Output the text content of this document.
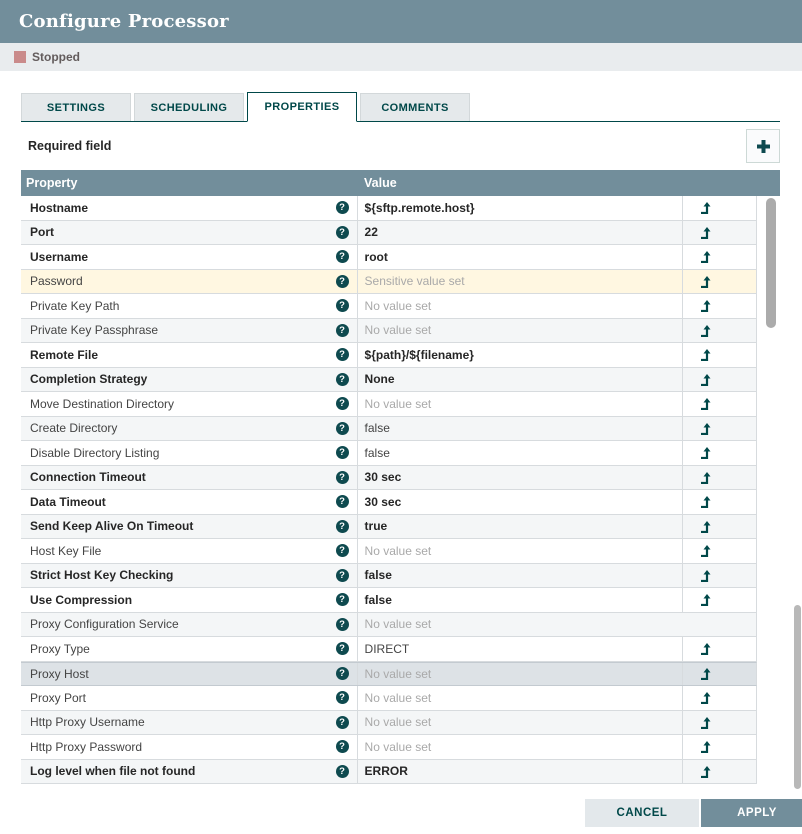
Configure Processor
Stopped
SETTINGS	SCHEDULING	PROPERTIES	COMMENTS
Required field
Property	Value
Hostname	? ${sftp.remote.host}
Port	? 22
Username	? root
Password	? Sensitive value set
Private Key Path	? No value set
Private Key Passphrase	? No value set
Remote File	? ${path}/${filename}
Completion Strategy	? None
Move Destination Directory	? No value set
Create Directory	? false
Disable Directory Listing	? false
Connection Timeout	? 30 sec
Data Timeout	? 30 sec
Send Keep Alive On Timeout	? true
Host Key File	? No value set
Strict Host Key Checking	? false
Use Compression	? false
Proxy Configuration Service	? No value set
Proxy Type	? DIRECT
Proxy Host	? No value set
Proxy Port	? No value set
Http Proxy Username	? No value set
Http Proxy Password	? No value set
Log level when file not found	? ERROR
CANCEL	APPLY
